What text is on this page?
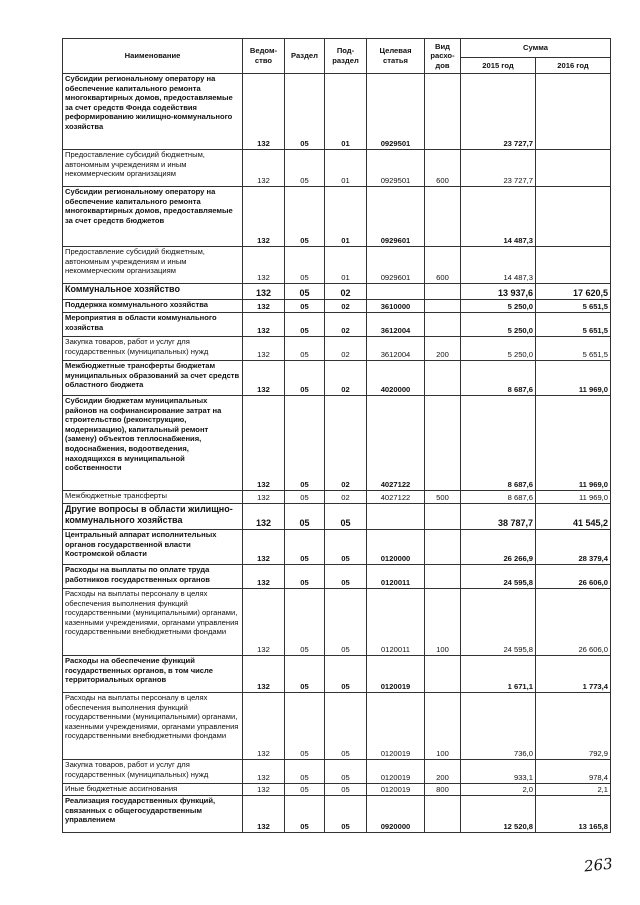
Наименование	Ведом-ство	Раздел	Под-раздел	Целевая статья	Вид расхо-дов	Сумма	
						2015 год	2016 год
Субсидии региональному оператору на обеспечение капитального ремонта многоквартирных домов, предоставляемые за счет средств Фонда содействия реформированию жилищно-коммунального хозяйства	132	05	01	0929501		23 727,7	
Предоставление субсидий бюджетным, автономным учреждениям и иным некоммерческим организациям	132	05	01	0929501	600	23 727,7	
Субсидии региональному оператору на обеспечение капитального ремонта многоквартирных домов, предоставляемые за счет средств бюджетов	132	05	01	0929601		14 487,3	
Предоставление субсидий бюджетным, автономным учреждениям и иным некоммерческим организациям	132	05	01	0929601	600	14 487,3	
Коммунальное хозяйство	132	05	02			13 937,6	17 620,5
Поддержка коммунального хозяйства	132	05	02	3610000		5 250,0	5 651,5
Мероприятия в области коммунального хозяйства	132	05	02	3612004		5 250,0	5 651,5
Закупка товаров, работ и услуг для государственных (муниципальных) нужд	132	05	02	3612004	200	5 250,0	5 651,5
Межбюджетные трансферты бюджетам муниципальных образований за счет средств областного бюджета	132	05	02	4020000		8 687,6	11 969,0
Субсидии бюджетам муниципальных районов на софинансирование затрат на строительство (реконструкцию, модернизацию), капитальный ремонт (замену) объектов теплоснабжения, водоснабжения, водоотведения, находящихся в муниципальной собственности	132	05	02	4027122		8 687,6	11 969,0
Межбюджетные трансферты	132	05	02	4027122	500	8 687,6	11 969,0
Другие вопросы в области жилищно-коммунального хозяйства	132	05	05			38 787,7	41 545,2
Центральный аппарат исполнительных органов государственной власти Костромской области	132	05	05	0120000		26 266,9	28 379,4
Расходы на выплаты по оплате труда работников государственных органов	132	05	05	0120011		24 595,8	26 606,0
Расходы на выплаты персоналу в целях обеспечения выполнения функций государственными (муниципальными) органами, казенными учреждениями, органами управления государственными внебюджетными фондами	132	05	05	0120011	100	24 595,8	26 606,0
Расходы на обеспечение функций государственных органов, в том числе территориальных органов	132	05	05	0120019		1 671,1	1 773,4
Расходы на выплаты персоналу в целях обеспечения выполнения функций государственными (муниципальными) органами, казенными учреждениями, органами управления государственными внебюджетными фондами	132	05	05	0120019	100	736,0	792,9
Закупка товаров, работ и услуг для государственных (муниципальных) нужд	132	05	05	0120019	200	933,1	978,4
Иные бюджетные ассигнования	132	05	05	0120019	800	2,0	2,1
Реализация государственных функций, связанных с общегосударственным управлением	132	05	05	0920000		12 520,8	13 165,8
263
